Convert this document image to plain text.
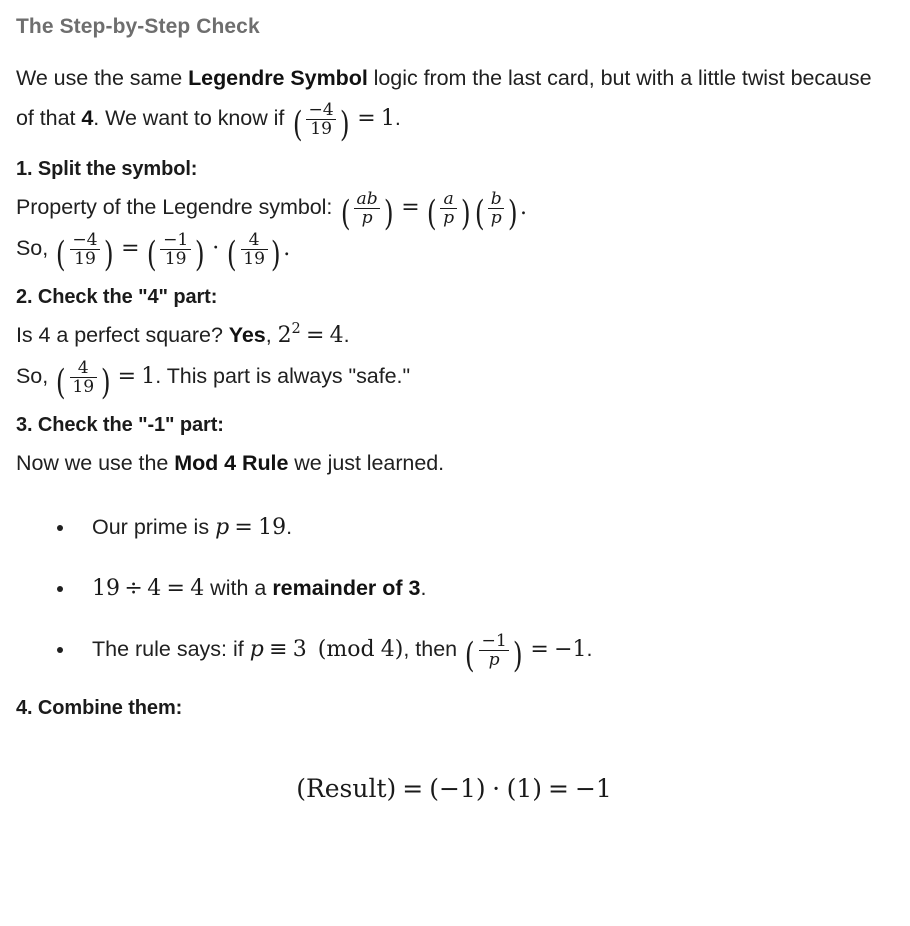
The Step-by-Step Check

We use the same Legendre Symbol logic from the last card, but with a little twist because of that 4. We want to know if ( $\frac{-4}{19}$ ) = 1.

1. Split the symbol:

Property of the Legendre symbol: ( $\frac{ab}{p}$ ) = ( $\frac{a}{p}$ ) ( $\frac{b}{p}$ ) .

So, ( $\frac{-4}{19}$ ) = ( $\frac{-1}{19}$ ) · ( $\frac{4}{19}$ ) .

2. Check the "4" part:

Is 4 a perfect square? Yes, $2^2 = 4$.

So, ( $\frac{4}{19}$ ) = 1. This part is always "safe."

3. Check the "-1" part:

Now we use the Mod 4 Rule we just learned.

Our prime is p = 19.
19 ÷ 4 = 4 with a remainder of 3.
The rule says: if p ≡ 3 (mod 4), then ( $\frac{-1}{p}$ ) = −1.
4. Combine them:
(Result) = (−1) · (1) = −1
